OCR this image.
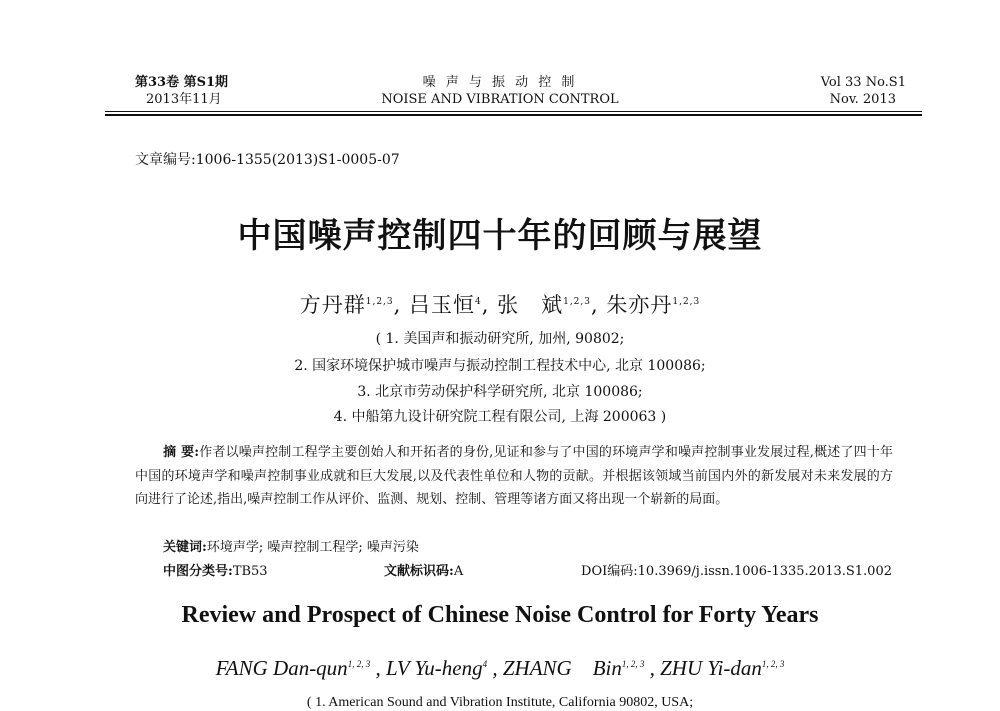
第33卷 第S1期
2013年11月
噪 声 与 振 动 控 制
NOISE AND VIBRATION CONTROL
Vol 33 No.S1
Nov. 2013
文章编号:1006-1355(2013)S1-0005-07
中国噪声控制四十年的回顾与展望
方丹群$^{1,2,3}$, 吕玉恒$^4$, 张　斌$^{1,2,3}$, 朱亦丹$^{1,2,3}$
( 1. 美国声和振动研究所, 加州, 90802;
2. 国家环境保护城市噪声与振动控制工程技术中心, 北京 100086;
3. 北京市劳动保护科学研究所, 北京 100086;
4. 中船第九设计研究院工程有限公司, 上海 200063 )
摘 要:作者以噪声控制工程学主要创始人和开拓者的身份,见证和参与了中国的环境声学和噪声控制事业发展过程,概述了四十年中国的环境声学和噪声控制事业成就和巨大发展,以及代表性单位和人物的贡献。并根据该领域当前国内外的新发展对未来发展的方向进行了论述,指出,噪声控制工作从评价、监测、规划、控制、管理等诸方面又将出现一个崭新的局面。
关键词:环境声学; 噪声控制工程学; 噪声污染
中图分类号:TB53	文献标识码:A	DOI编码:10.3969/j.issn.1006-1335.2013.S1.002
Review and Prospect of Chinese Noise Control for Forty Years
FANG Dan-qun$^{1, 2, 3}$ , LV Yu-heng$^4$ , ZHANG　Bin$^{1, 2, 3}$ , ZHU Yi-dan$^{1, 2, 3}$
( 1. American Sound and Vibration Institute, California 90802, USA;
